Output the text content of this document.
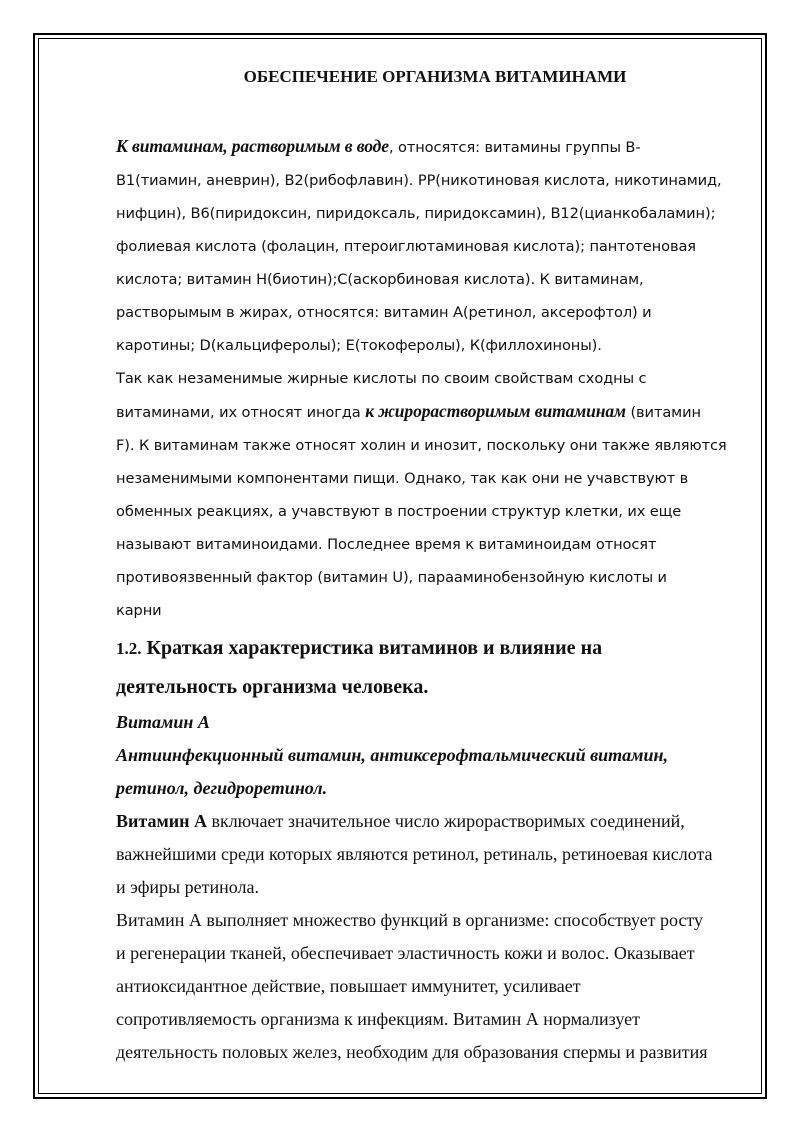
ОБЕСПЕЧЕНИЕ ОРГАНИЗМА ВИТАМИНАМИ
К витаминам, растворимым в воде, относятся: витамины группы В-
В1(тиамин, аневрин), В2(рибофлавин). РР(никотиновая кислота, никотинамид,
нифцин), В6(пиридоксин, пиридоксаль, пиридоксамин), В12(цианкобаламин);
фолиевая кислота (фолацин, птероиглютаминовая кислота); пантотеновая
кислота; витамин Н(биотин);С(аскорбиновая кислота). К витаминам,
растворымым в жирах, относятся: витамин А(ретинол, аксерофтол) и
каротины; D(кальциферолы); Е(токоферолы), К(филлохиноны).
Так как незаменимые жирные кислоты по своим свойствам сходны с
витаминами, их относят иногда к жирорастворимым витаминам (витамин
F). К витаминам также относят холин и инозит, поскольку они также являются
незаменимыми компонентами пищи. Однако, так как они не учавствуют в
обменных реакциях, а учавствуют в построении структур клетки, их еще
называют витаминоидами. Последнее время к витаминоидам относят
противоязвенный фактор (витамин U), парааминобензойную кислоты и
карни
1.2. Краткая характеристика витаминов и влияние на
деятельность организма человека.
Витамин А
Антиинфекционный витамин, антиксерофтальмический витамин,
ретинол, дегидроретинол.
Витамин А включает значительное число жирорастворимых соединений,
важнейшими среди которых являются ретинол, ретиналь, ретиноевая кислота
и эфиры ретинола.
Витамин А выполняет множество функций в организме: способствует росту
и регенерации тканей, обеспечивает эластичность кожи и волос. Оказывает
антиоксидантное действие, повышает иммунитет, усиливает
сопротивляемость организма к инфекциям. Витамин А нормализует
деятельность половых желез, необходим для образования спермы и развития
